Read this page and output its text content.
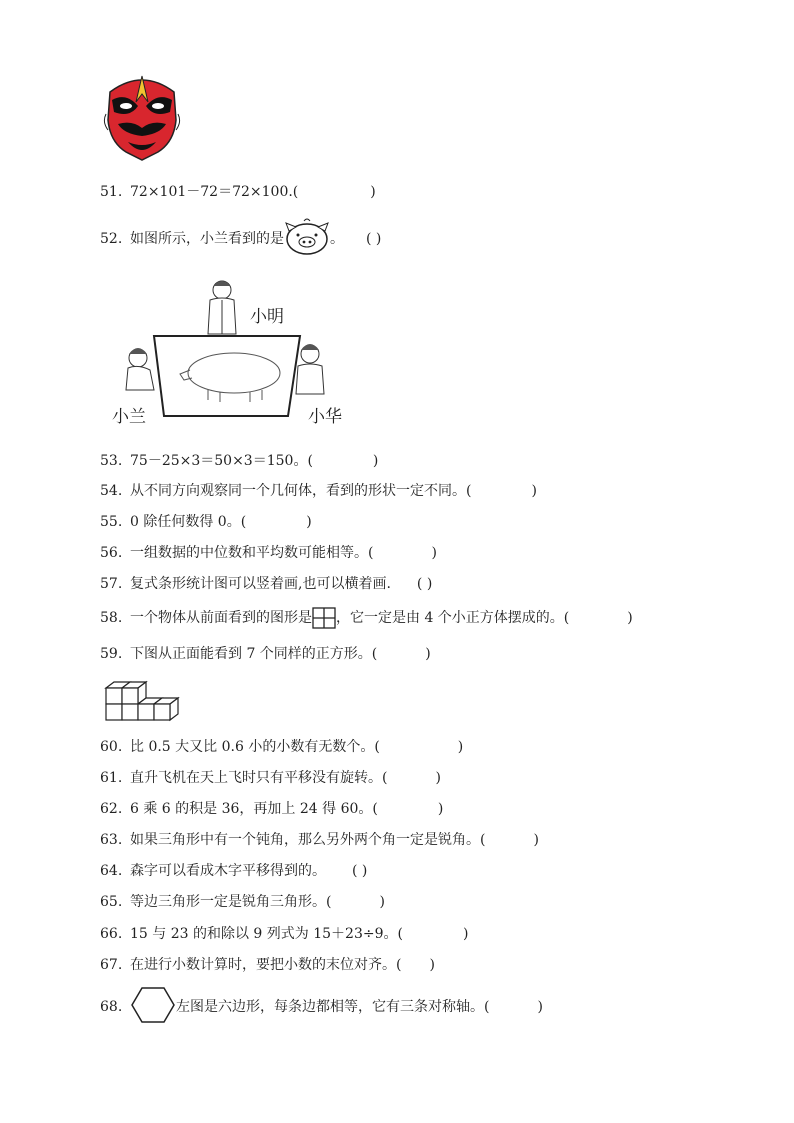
51. 72×101－72＝72×100.(	)
52. 如图所示，小兰看到的是	。 ( )
小明
小兰	小华
53. 75－25×3＝50×3＝150。(	)
54. 从不同方向观察同一个几何体，看到的形状一定不同。(	)
55. 0 除任何数得 0。(	)
56. 一组数据的中位数和平均数可能相等。(	)
57. 复式条形统计图可以竖着画,也可以横着画. ( )
58. 一个物体从前面看到的图形是 ，它一定是由 4 个小正方体摆成的。(	)
59. 下图从正面能看到 7 个同样的正方形。(	)
60. 比 0.5 大又比 0.6 小的小数有无数个。(	)
61. 直升飞机在天上飞时只有平移没有旋转。(	)
62. 6 乘 6 的积是 36，再加上 24 得 60。(	)
63. 如果三角形中有一个钝角，那么另外两个角一定是锐角。(	)
64. 森字可以看成木字平移得到的。 ( )
65. 等边三角形一定是锐角三角形。(	)
66. 15 与 23 的和除以 9 列式为 15＋23÷9。(	)
67. 在进行小数计算时，要把小数的末位对齐。( )
68.	左图是六边形，每条边都相等，它有三条对称轴。(	)
